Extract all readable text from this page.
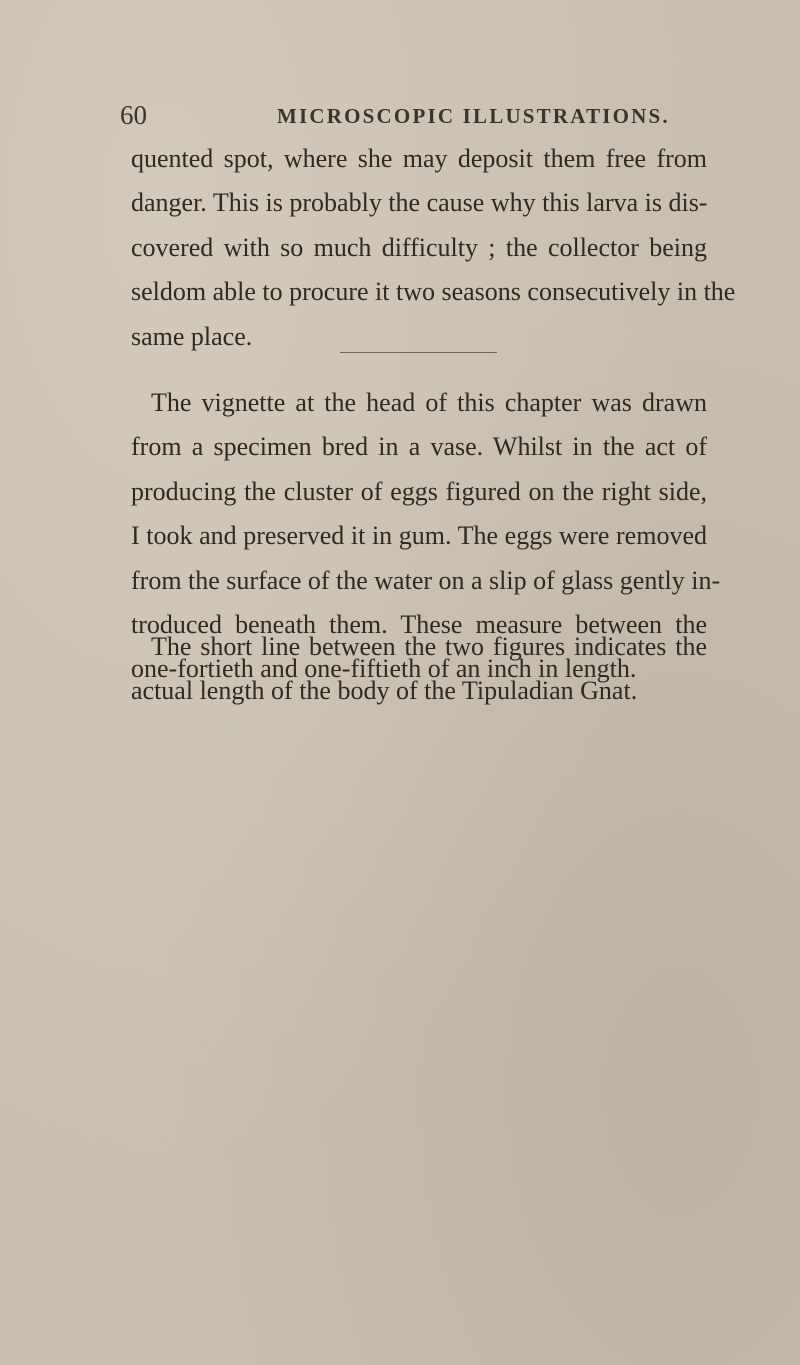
60	MICROSCOPIC ILLUSTRATIONS.
quented spot, where she may deposit them free from
danger. This is probably the cause why this larva is dis-
covered with so much difficulty ; the collector being
seldom able to procure it two seasons consecutively in the
same place.
The vignette at the head of this chapter was drawn
from a specimen bred in a vase. Whilst in the act of
producing the cluster of eggs figured on the right side,
I took and preserved it in gum. The eggs were removed
from the surface of the water on a slip of glass gently in-
troduced beneath them. These measure between the
one-fortieth and one-fiftieth of an inch in length.
The short line between the two figures indicates the
actual length of the body of the Tipuladian Gnat.
